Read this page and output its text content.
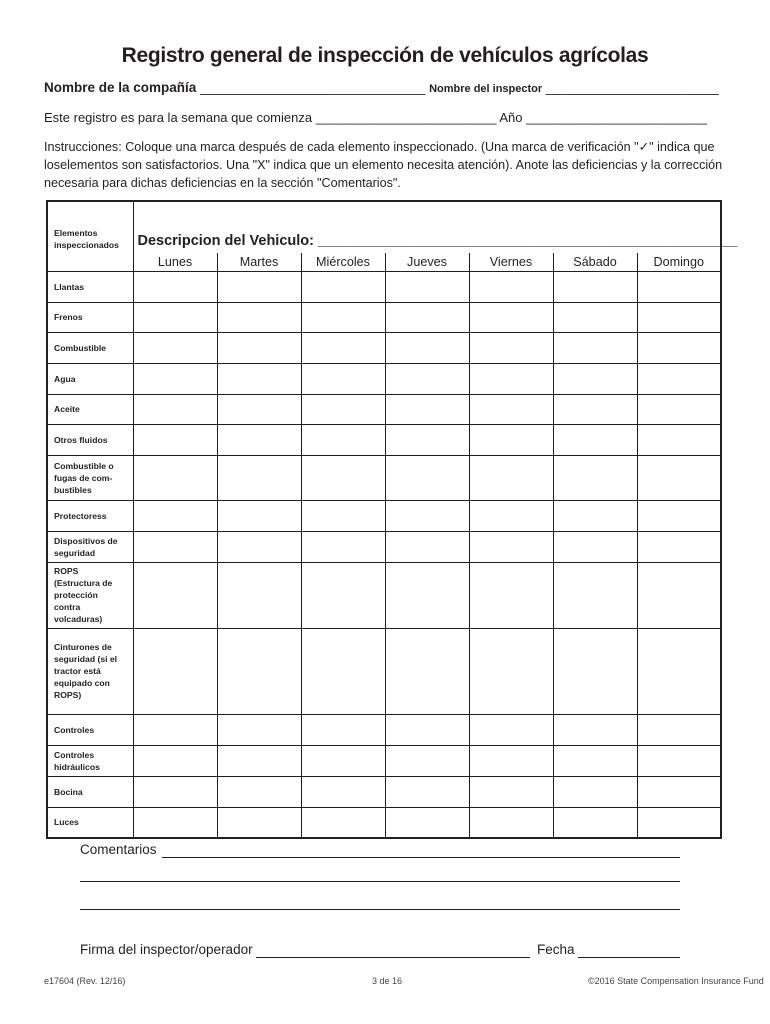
Registro general de inspección de vehículos agrícolas
Nombre de la compañía ______________________________ Nombre del inspector _______________________
Este registro es para la semana que comienza _________________________ Año _________________________
Instrucciones: Coloque una marca después de cada elemento inspeccionado. (Una marca de verificación "✓" indica que loselementos son satisfactorios. Una "X" indica que un elemento necesita atención). Anote las deficiencias y la corrección necesaria para dichas deficiencias en la sección "Comentarios".
Elementos inspeccionados	Descripcion del Vehiculo: ____________________________________________________						
	Lunes	Martes	Miércoles	Jueves	Viernes	Sábado	Domingo
Llantas							
Frenos							
Combustible							
Agua							
Aceite							
Otros fluidos							
Combustible o fugas de com-bustibles							
Protectoress							
Dispositivos de seguridad							
ROPS (Estructura de protección contra volcaduras)							
Cinturones de seguridad (si el tractor está equipado con ROPS)							
Controles							
Controles hidráulicos							
Bocina							
Luces							
Comentarios
Firma del inspector/operador	Fecha
e17604 (Rev. 12/16)	3 de 16	©2016 State Compensation Insurance Fund
